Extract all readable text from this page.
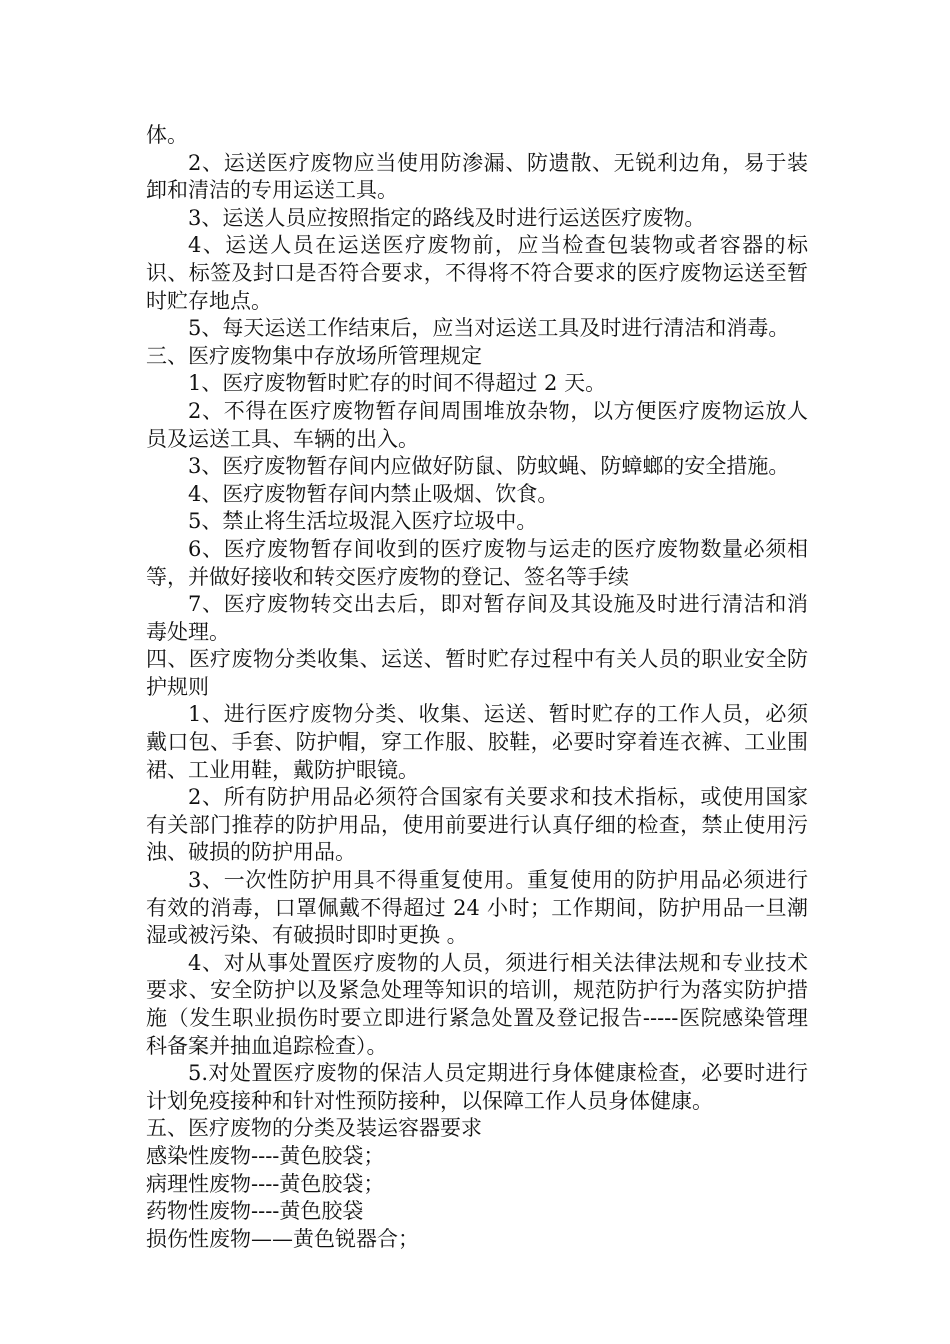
体。

2、运送医疗废物应当使用防渗漏、防遗散、无锐利边角，易于装卸和清洁的专用运送工具。

3、运送人员应按照指定的路线及时进行运送医疗废物。

4、运送人员在运送医疗废物前，应当检查包装物或者容器的标识、标签及封口是否符合要求，不得将不符合要求的医疗废物运送至暂时贮存地点。

5、每天运送工作结束后，应当对运送工具及时进行清洁和消毒。

三、医疗废物集中存放场所管理规定

1、医疗废物暂时贮存的时间不得超过 2 天。

2、不得在医疗废物暂存间周围堆放杂物，以方便医疗废物运放人员及运送工具、车辆的出入。

3、医疗废物暂存间内应做好防鼠、防蚊蝇、防蟑螂的安全措施。

4、医疗废物暂存间内禁止吸烟、饮食。

5、禁止将生活垃圾混入医疗垃圾中。

6、医疗废物暂存间收到的医疗废物与运走的医疗废物数量必须相等，并做好接收和转交医疗废物的登记、签名等手续

7、医疗废物转交出去后，即对暂存间及其设施及时进行清洁和消毒处理。

四、医疗废物分类收集、运送、暂时贮存过程中有关人员的职业安全防护规则

1、进行医疗废物分类、收集、运送、暂时贮存的工作人员，必须戴口包、手套、防护帽，穿工作服、胶鞋，必要时穿着连衣裤、工业围裙、工业用鞋，戴防护眼镜。

2、所有防护用品必须符合国家有关要求和技术指标，或使用国家有关部门推荐的防护用品，使用前要进行认真仔细的检查，禁止使用污浊、破损的防护用品。

3、一次性防护用具不得重复使用。重复使用的防护用品必须进行有效的消毒，口罩佩戴不得超过 24 小时；工作期间，防护用品一旦潮湿或被污染、有破损时即时更换 。

4、对从事处置医疗废物的人员，须进行相关法律法规和专业技术要求、安全防护以及紧急处理等知识的培训，规范防护行为落实防护措施（发生职业损伤时要立即进行紧急处置及登记报告-----医院感染管理科备案并抽血追踪检查）。

5.对处置医疗废物的保洁人员定期进行身体健康检查，必要时进行计划免疫接种和针对性预防接种，以保障工作人员身体健康。

五、医疗废物的分类及装运容器要求

感染性废物----黄色胶袋；

病理性废物----黄色胶袋；

药物性废物----黄色胶袋

损伤性废物——黄色锐器合；
